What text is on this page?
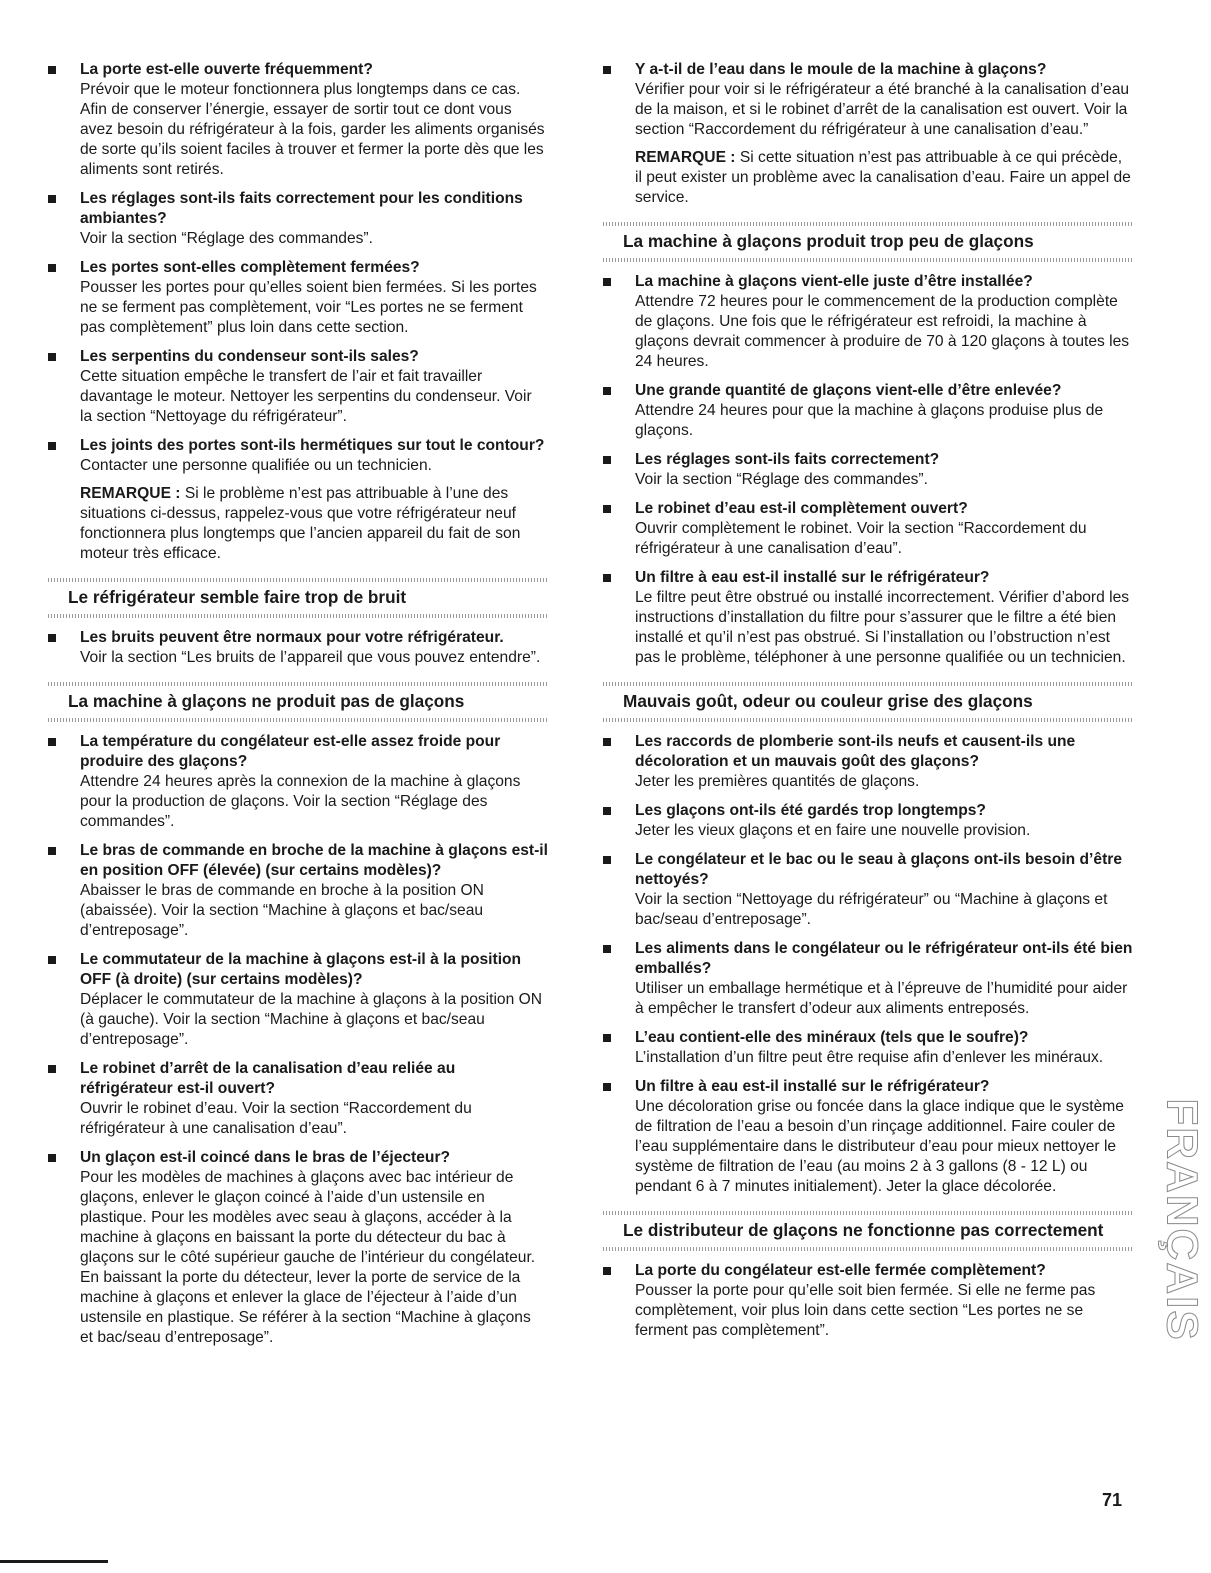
La porte est-elle ouverte fréquemment?
Prévoir que le moteur fonctionnera plus longtemps dans ce cas. Afin de conserver l’énergie, essayer de sortir tout ce dont vous avez besoin du réfrigérateur à la fois, garder les aliments organisés de sorte qu’ils soient faciles à trouver et fermer la porte dès que les aliments sont retirés.
Les réglages sont-ils faits correctement pour les conditions ambiantes?
Voir la section “Réglage des commandes”.
Les portes sont-elles complètement fermées?
Pousser les portes pour qu’elles soient bien fermées. Si les portes ne se ferment pas complètement, voir “Les portes ne se ferment pas complètement” plus loin dans cette section.
Les serpentins du condenseur sont-ils sales?
Cette situation empêche le transfert de l’air et fait travailler davantage le moteur. Nettoyer les serpentins du condenseur. Voir la section “Nettoyage du réfrigérateur”.
Les joints des portes sont-ils hermétiques sur tout le contour?
Contacter une personne qualifiée ou un technicien.
REMARQUE : Si le problème n’est pas attribuable à l’une des situations ci-dessus, rappelez-vous que votre réfrigérateur neuf fonctionnera plus longtemps que l’ancien appareil du fait de son moteur très efficace.
Le réfrigérateur semble faire trop de bruit
Les bruits peuvent être normaux pour votre réfrigérateur.
Voir la section “Les bruits de l’appareil que vous pouvez entendre”.
La machine à glaçons ne produit pas de glaçons
La température du congélateur est-elle assez froide pour produire des glaçons?
Attendre 24 heures après la connexion de la machine à glaçons pour la production de glaçons. Voir la section “Réglage des commandes”.
Le bras de commande en broche de la machine à glaçons est-il en position OFF (élevée) (sur certains modèles)?
Abaisser le bras de commande en broche à la position ON (abaissée). Voir la section “Machine à glaçons et bac/seau d’entreposage”.
Le commutateur de la machine à glaçons est-il à la position OFF (à droite) (sur certains modèles)?
Déplacer le commutateur de la machine à glaçons à la position ON (à gauche). Voir la section “Machine à glaçons et bac/seau d’entreposage”.
Le robinet d’arrêt de la canalisation d’eau reliée au réfrigérateur est-il ouvert?
Ouvrir le robinet d’eau. Voir la section “Raccordement du réfrigérateur à une canalisation d’eau”.
Un glaçon est-il coincé dans le bras de l’éjecteur?
Pour les modèles de machines à glaçons avec bac intérieur de glaçons, enlever le glaçon coincé à l’aide d’un ustensile en plastique. Pour les modèles avec seau à glaçons, accéder à la machine à glaçons en baissant la porte du détecteur du bac à glaçons sur le côté supérieur gauche de l’intérieur du congélateur. En baissant la porte du détecteur, lever la porte de service de la machine à glaçons et enlever la glace de l’éjecteur à l’aide d’un ustensile en plastique. Se référer à la section “Machine à glaçons et bac/seau d’entreposage”.
Y a-t-il de l’eau dans le moule de la machine à glaçons?
Vérifier pour voir si le réfrigérateur a été branché à la canalisation d’eau de la maison, et si le robinet d’arrêt de la canalisation est ouvert. Voir la section “Raccordement du réfrigérateur à une canalisation d’eau.”
REMARQUE : Si cette situation n’est pas attribuable à ce qui précède, il peut exister un problème avec la canalisation d’eau. Faire un appel de service.
La machine à glaçons produit trop peu de glaçons
La machine à glaçons vient-elle juste d’être installée?
Attendre 72 heures pour le commencement de la production complète de glaçons. Une fois que le réfrigérateur est refroidi, la machine à glaçons devrait commencer à produire de 70 à 120 glaçons à toutes les 24 heures.
Une grande quantité de glaçons vient-elle d’être enlevée?
Attendre 24 heures pour que la machine à glaçons produise plus de glaçons.
Les réglages sont-ils faits correctement?
Voir la section “Réglage des commandes”.
Le robinet d’eau est-il complètement ouvert?
Ouvrir complètement le robinet. Voir la section “Raccordement du réfrigérateur à une canalisation d’eau”.
Un filtre à eau est-il installé sur le réfrigérateur?
Le filtre peut être obstrué ou installé incorrectement. Vérifier d’abord les instructions d’installation du filtre pour s’assurer que le filtre a été bien installé et qu’il n’est pas obstrué. Si l’installation ou l’obstruction n’est pas le problème, téléphoner à une personne qualifiée ou un technicien.
Mauvais goût, odeur ou couleur grise des glaçons
Les raccords de plomberie sont-ils neufs et causent-ils une décoloration et un mauvais goût des glaçons?
Jeter les premières quantités de glaçons.
Les glaçons ont-ils été gardés trop longtemps?
Jeter les vieux glaçons et en faire une nouvelle provision.
Le congélateur et le bac ou le seau à glaçons ont-ils besoin d’être nettoyés?
Voir la section “Nettoyage du réfrigérateur” ou “Machine à glaçons et bac/seau d’entreposage”.
Les aliments dans le congélateur ou le réfrigérateur ont-ils été bien emballés?
Utiliser un emballage hermétique et à l’épreuve de l’humidité pour aider à empêcher le transfert d’odeur aux aliments entreposés.
L’eau contient-elle des minéraux (tels que le soufre)?
L’installation d’un filtre peut être requise afin d’enlever les minéraux.
Un filtre à eau est-il installé sur le réfrigérateur?
Une décoloration grise ou foncée dans la glace indique que le système de filtration de l’eau a besoin d’un rinçage additionnel. Faire couler de l’eau supplémentaire dans le distributeur d’eau pour mieux nettoyer le système de filtration de l’eau (au moins 2 à 3 gallons (8 - 12 L) ou pendant 6 à 7 minutes initialement). Jeter la glace décolorée.
Le distributeur de glaçons ne fonctionne pas correctement
La porte du congélateur est-elle fermée complètement?
Pousser la porte pour qu’elle soit bien fermée. Si elle ne ferme pas complètement, voir plus loin dans cette section “Les portes ne se ferment pas complètement”.	FRANÇAIS
71
